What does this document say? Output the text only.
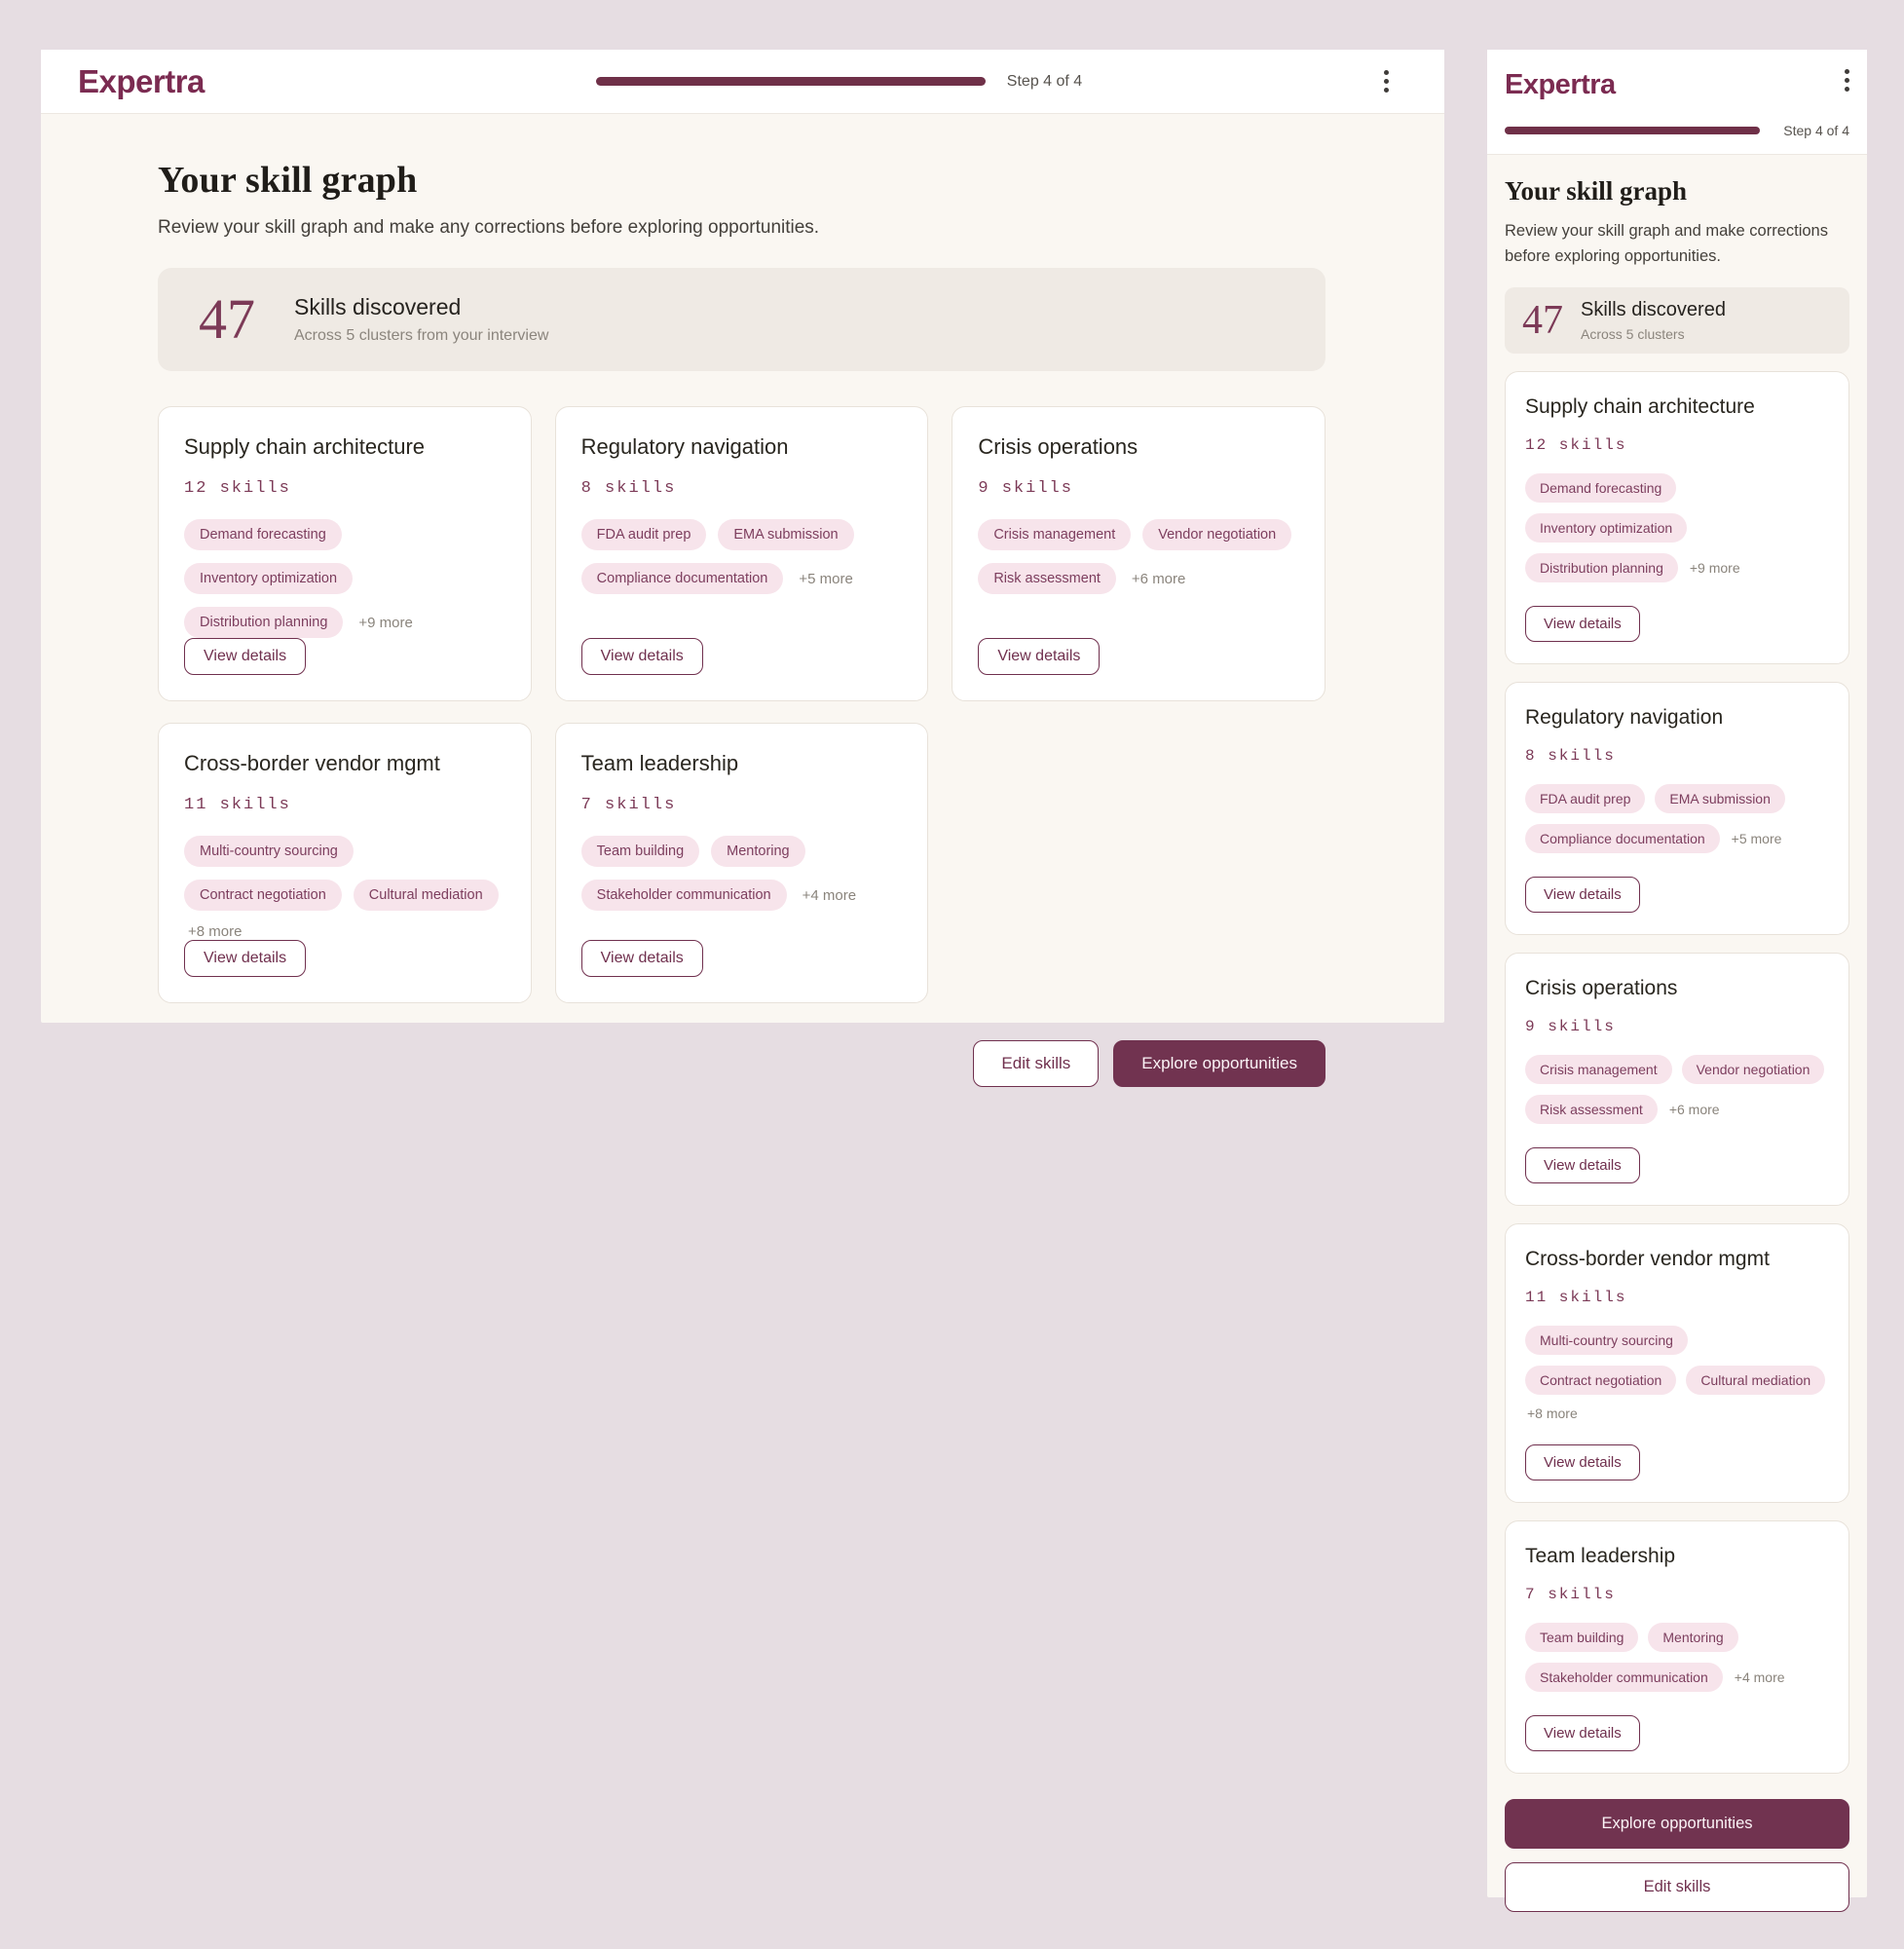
Expertra	Step 4 of 4
Your skill graph

Review your skill graph and make any corrections before exploring opportunities.

47 Skills discovered
Across 5 clusters from your interview
Supply chain architecture
12 skills
Demand forecasting
Inventory optimization
Distribution planning	+9 more
View details
Regulatory navigation
8 skills
FDA audit prep	EMA submission
Compliance documentation	+5 more
View details
Crisis operations
9 skills
Crisis management	Vendor negotiation
Risk assessment	+6 more
View details
Cross-border vendor mgmt
11 skills
Multi-country sourcing
Contract negotiation	Cultural mediation
+8 more
View details
Team leadership
7 skills
Team building	Mentoring
Stakeholder communication	+4 more
View details
Edit skills	Explore opportunities
Expertra
Step 4 of 4
Your skill graph

Review your skill graph and make corrections before exploring opportunities.

47 Skills discovered
Across 5 clusters
Supply chain architecture
12 skills
Demand forecasting
Inventory optimization
Distribution planning	+9 more
View details
Regulatory navigation
8 skills
FDA audit prep	EMA submission
Compliance documentation	+5 more
View details
Crisis operations
9 skills
Crisis management	Vendor negotiation
Risk assessment	+6 more
View details
Cross-border vendor mgmt
11 skills
Multi-country sourcing
Contract negotiation	Cultural mediation
+8 more
View details
Team leadership
7 skills
Team building	Mentoring
Stakeholder communication	+4 more
View details
Explore opportunities
Edit skills
